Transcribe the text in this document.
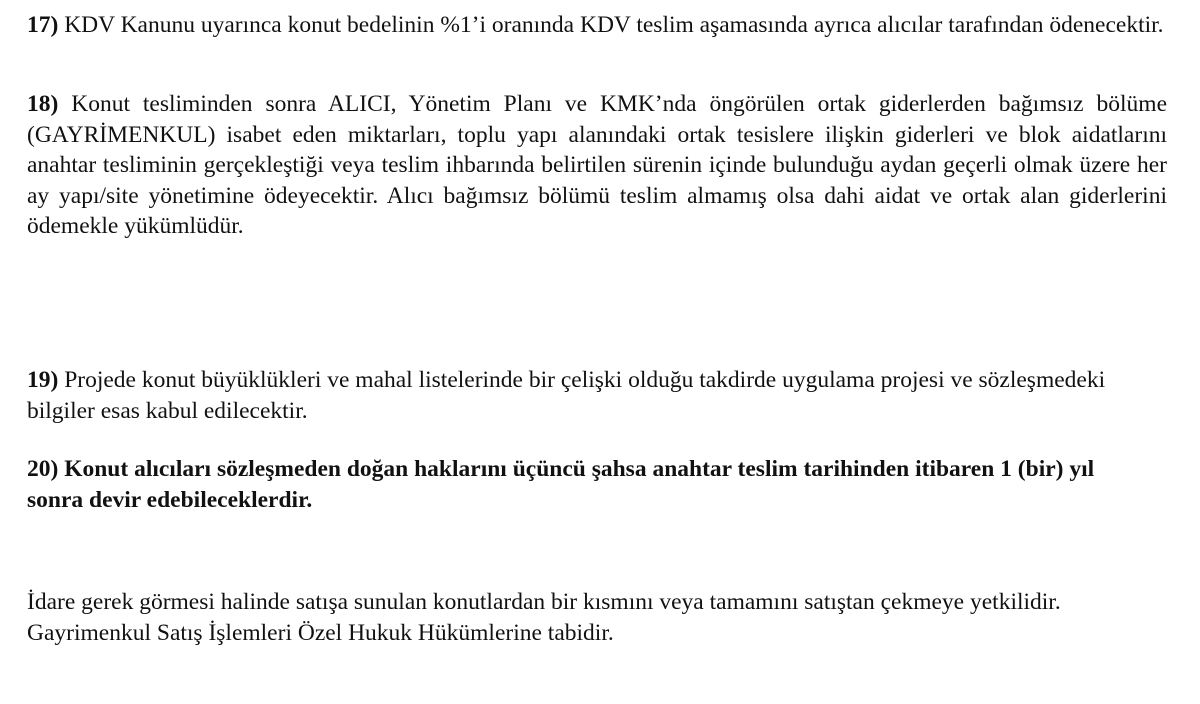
17) KDV Kanunu uyarınca konut bedelinin %1’i oranında KDV teslim aşamasında ayrıca alıcılar tarafından ödenecektir.

18) Konut tesliminden sonra ALICI, Yönetim Planı ve KMK’nda öngörülen ortak giderlerden bağımsız bölüme (GAYRİMENKUL) isabet eden miktarları, toplu yapı alanındaki ortak tesislere ilişkin giderleri ve blok aidatlarını anahtar tesliminin gerçekleştiği veya teslim ihbarında belirtilen sürenin içinde bulunduğu aydan geçerli olmak üzere her ay yapı/site yönetimine ödeyecektir. Alıcı bağımsız bölümü teslim almamış olsa dahi aidat ve ortak alan giderlerini ödemekle yükümlüdür.

19) Projede konut büyüklükleri ve mahal listelerinde bir çelişki olduğu takdirde uygulama projesi ve sözleşmedeki bilgiler esas kabul edilecektir.

20) Konut alıcıları sözleşmeden doğan haklarını üçüncü şahsa anahtar teslim tarihinden itibaren 1 (bir) yıl sonra devir edebileceklerdir.

İdare gerek görmesi halinde satışa sunulan konutlardan bir kısmını veya tamamını satıştan çekmeye yetkilidir.
Gayrimenkul Satış İşlemleri Özel Hukuk Hükümlerine tabidir.
